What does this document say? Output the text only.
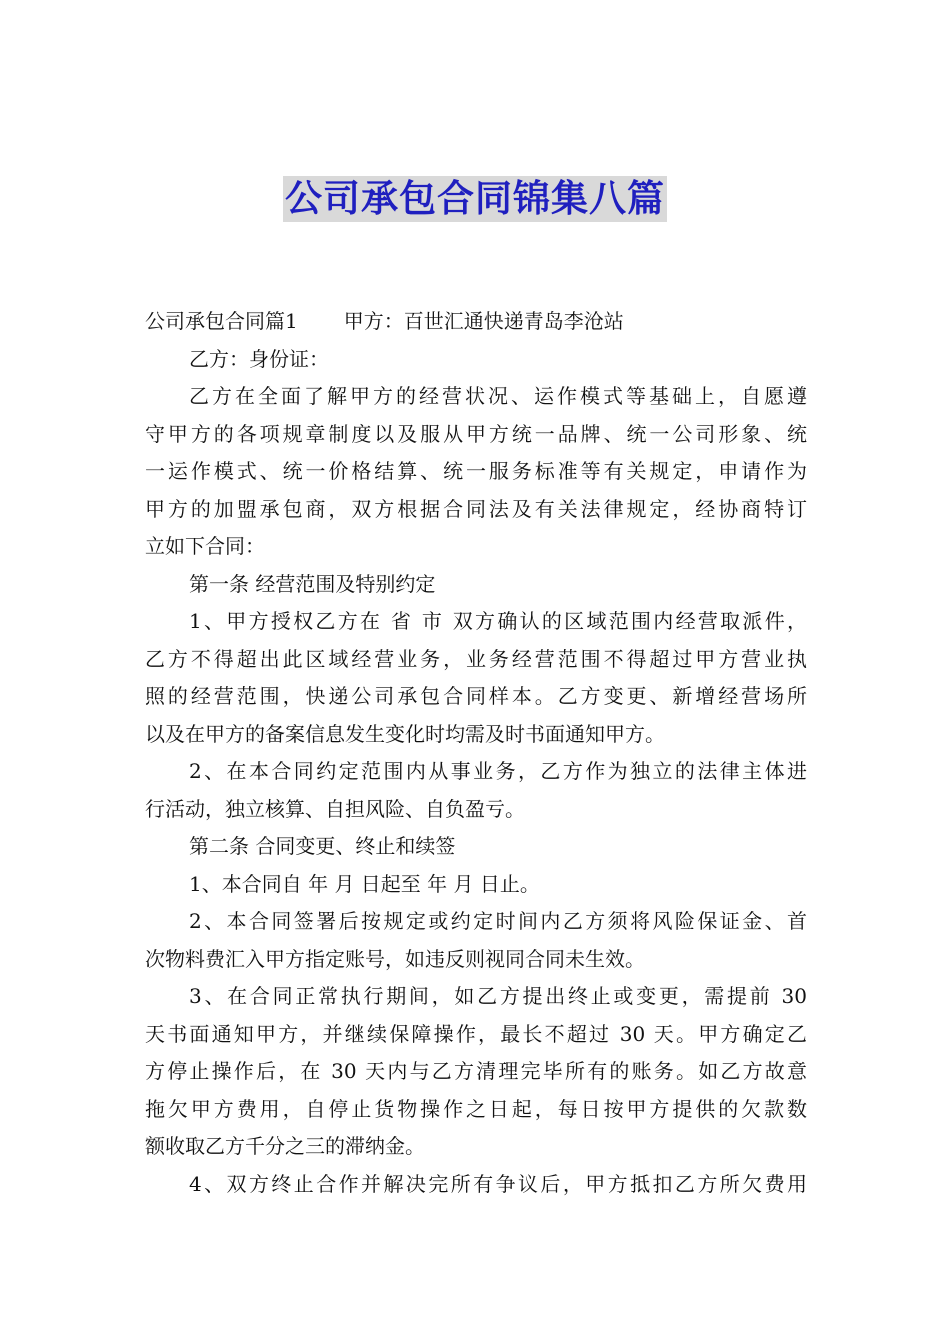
公司承包合同锦集八篇
公司承包合同篇1 甲方：百世汇通快递青岛李沧站
乙方：身份证：
乙方在全面了解甲方的经营状况、运作模式等基础上，自愿遵
守甲方的各项规章制度以及服从甲方统一品牌、统一公司形象、统
一运作模式、统一价格结算、统一服务标准等有关规定，申请作为
甲方的加盟承包商，双方根据合同法及有关法律规定，经协商特订
立如下合同：
第一条 经营范围及特别约定
1、甲方授权乙方在 省 市 双方确认的区域范围内经营取派件，
乙方不得超出此区域经营业务，业务经营范围不得超过甲方营业执
照的经营范围，快递公司承包合同样本。乙方变更、新增经营场所
以及在甲方的备案信息发生变化时均需及时书面通知甲方。
2、在本合同约定范围内从事业务，乙方作为独立的法律主体进
行活动，独立核算、自担风险、自负盈亏。
第二条 合同变更、终止和续签
1、本合同自 年 月 日起至 年 月 日止。
2、本合同签署后按规定或约定时间内乙方须将风险保证金、首
次物料费汇入甲方指定账号，如违反则视同合同未生效。
3、在合同正常执行期间，如乙方提出终止或变更，需提前 30
天书面通知甲方，并继续保障操作，最长不超过 30 天。甲方确定乙
方停止操作后，在 30 天内与乙方清理完毕所有的账务。如乙方故意
拖欠甲方费用，自停止货物操作之日起，每日按甲方提供的欠款数
额收取乙方千分之三的滞纳金。
4、双方终止合作并解决完所有争议后，甲方抵扣乙方所欠费用
